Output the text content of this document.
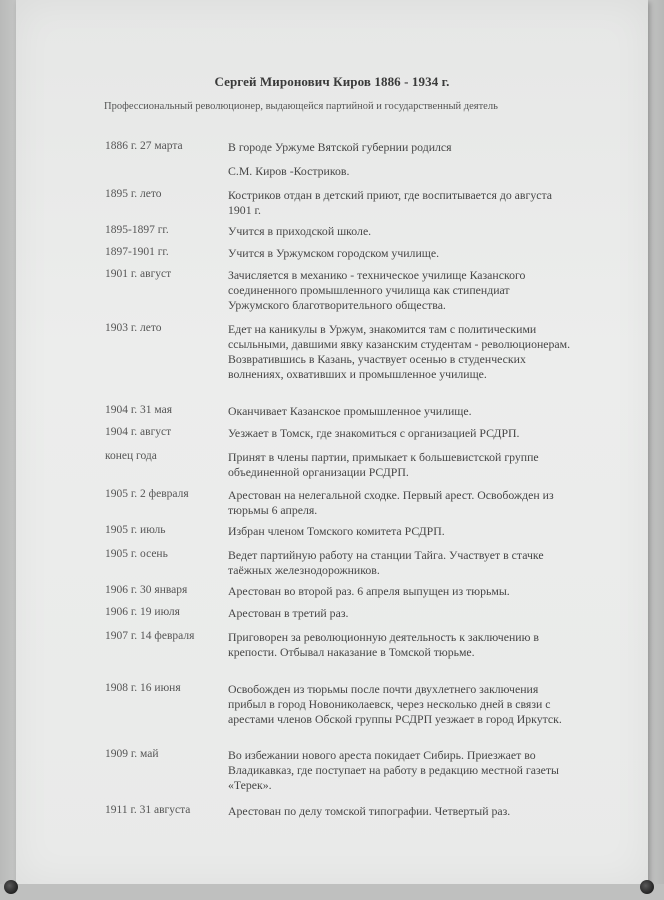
Сергей Миронович Киров 1886 - 1934 г.
Профессиональный революционер, выдающейся партийной и государственный деятель
1886 г. 27 марта	В городе Уржуме Вятской губернии родился
С.М. Киров -Костриков.
1895 г. лето	Костриков отдан в детский приют, где воспитывается до августа 1901 г.
1895-1897 гг.	Учится в приходской школе.
1897-1901 гг.	Учится в Уржумском городском училище.
1901 г. август	Зачисляется в механико - техническое училище Казанского соединенного промышленного училища как стипендиат Уржумского благотворительного общества.
1903 г. лето	Едет на каникулы в Уржум, знакомится там с политическими ссыльными, давшими явку казанским студентам - революционерам. Возвратившись в Казань, участвует осенью в студенческих волнениях, охвативших и промышленное училище.
1904 г. 31 мая	Оканчивает Казанское промышленное училище.
1904 г. август	Уезжает в Томск, где знакомиться с организацией РСДРП.
конец года	Принят в члены партии, примыкает к большевистской группе объединенной организации РСДРП.
1905 г. 2 февраля	Арестован на нелегальной сходке. Первый арест. Освобожден из тюрьмы 6 апреля.
1905 г. июль	Избран членом Томского комитета РСДРП.
1905 г. осень	Ведет партийную работу на станции Тайга. Участвует в стачке таёжных железнодорожников.
1906 г. 30 января	Арестован во второй раз. 6 апреля выпущен из тюрьмы.
1906 г. 19 июля	Арестован в третий раз.
1907 г. 14 февраля	Приговорен за революционную деятельность к заключению в крепости. Отбывал наказание в Томской тюрьме.
1908 г. 16 июня	Освобожден из тюрьмы после почти двухлетнего заключения прибыл в город Новониколаевск, через несколько дней в связи с арестами членов Обской группы РСДРП уезжает в город Иркутск.
1909 г. май	Во избежании нового ареста покидает Сибирь. Приезжает во Владикавказ, где поступает на работу в редакцию местной газеты «Терек».
1911 г. 31 августа	Арестован по делу томской типографии. Четвертый раз.
